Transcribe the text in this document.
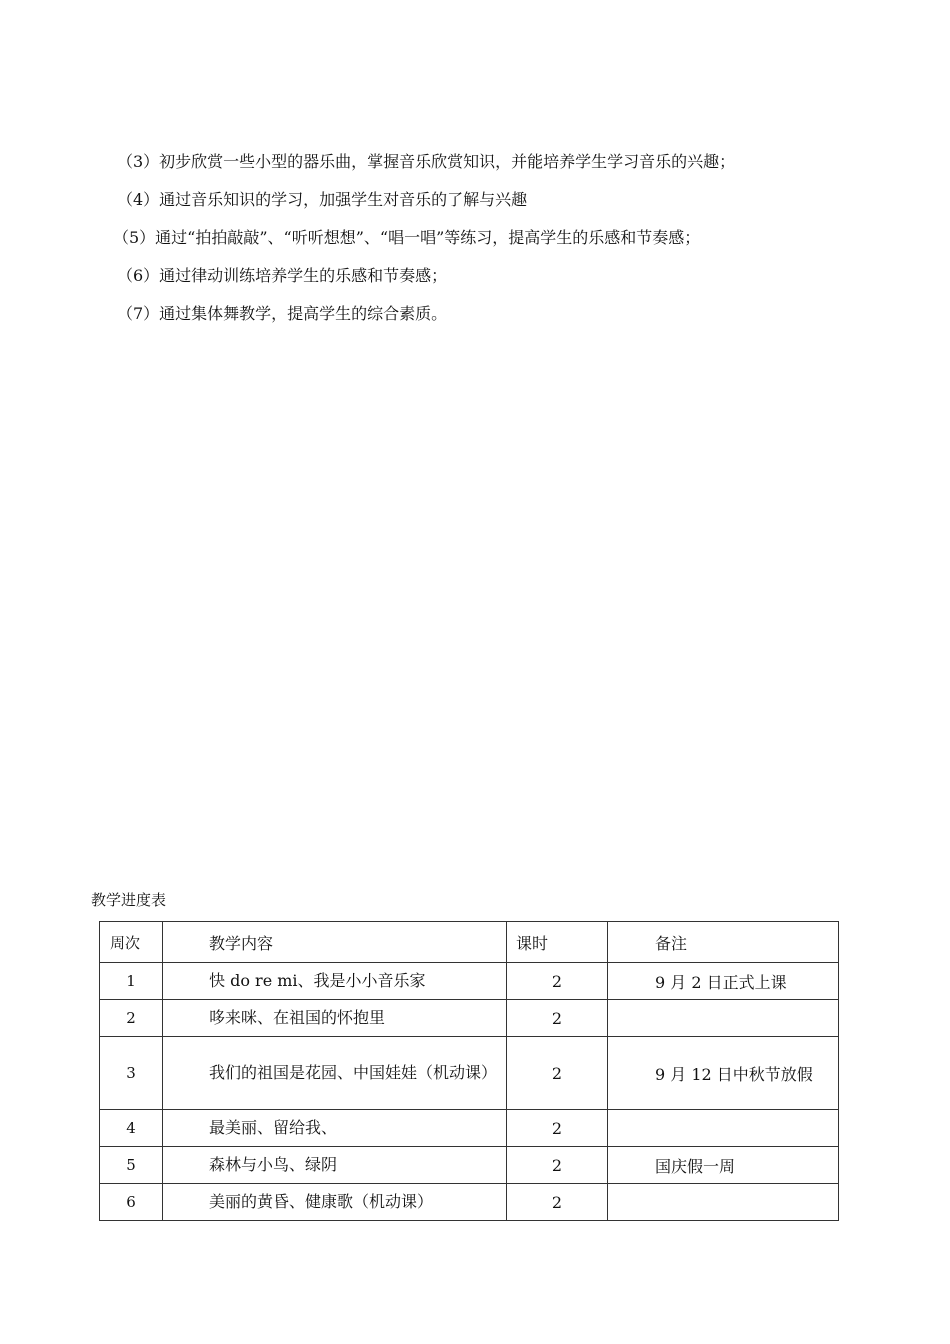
（3）初步欣赏一些小型的器乐曲，掌握音乐欣赏知识，并能培养学生学习音乐的兴趣；
（4）通过音乐知识的学习，加强学生对音乐的了解与兴趣
（5）通过“拍拍敲敲”、“听听想想”、“唱一唱”等练习，提高学生的乐感和节奏感；
（6）通过律动训练培养学生的乐感和节奏感；
（7）通过集体舞教学，提高学生的综合素质。
教学进度表
周次	教学内容	课时	备注
1	快 do re mi、我是小小音乐家	2	9 月 2 日正式上课
2	哆来咪、在祖国的怀抱里	2	
3	我们的祖国是花园、中国娃娃（机动课）	2	9 月 12 日中秋节放假
4	最美丽、留给我、	2	
5	森林与小鸟、绿阴	2	国庆假一周
6	美丽的黄昏、健康歌（机动课）	2	
